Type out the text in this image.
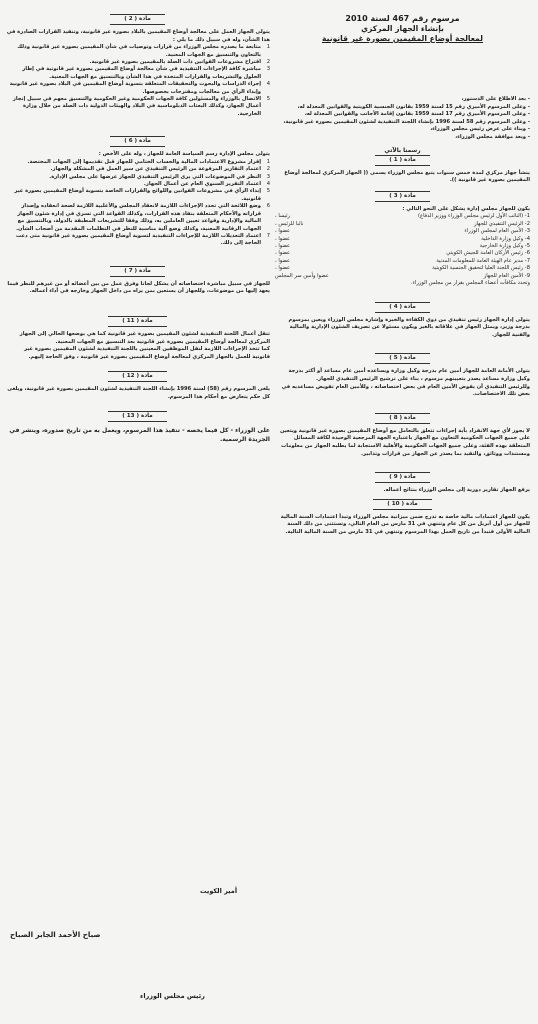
مرسوم رقم 467 لسنة 2010
بإنشاء الجهاز المركزي
لمعالجة أوضاع المقيمين بصورة غير قانونية

- بعد الاطلاع على الدستور،

- وعلى المرسوم الأميري رقم 15 لسنة 1959 بقانون الجنسية الكويتية والقوانين المعدلة له،

- وعلى المرسوم الأميري رقم 17 لسنة 1959 بقانون إقامة الأجانب والقوانين المعدلة له،

- وعلى المرسوم رقم 58 لسنة 1996 بإنشاء اللجنة التنفيذية لشئون المقيمين بصورة غير قانونية،

- وبناء على عرض رئيس مجلس الوزراء،

- وبعد موافقة مجلس الوزراء،

رسمنا بالآتي
مادة ( 1 )

ينشأ جهاز مركزي لمدة خمس سنوات يتبع مجلس الوزراء يسمى (( الجهاز المركزي لمعالجة أوضاع المقيمين بصورة غير قانونية )).

مادة ( 3 )

يكون للجهاز مجلس إدارة يشكل على النحو التالي :

1- (النائب الأول لرئيس مجلس الوزراء ووزير الدفاع)
رئيسا ،
2- الرئيس التنفيذي للجهاز
نائبا للرئيس ،
3- الأمين العام لمجلس الوزراء
عضوا ،
4- وكيل وزارة الداخلية
عضوا ،
5- وكيل وزارة الخارجية
عضوا ،
6- رئيس الأركان العامة للجيش الكويتي
عضوا ،
7- مدير عام الهيئة العامة للمعلومات المدنية
عضوا ،
8- رئيس اللجنة العليا لتحقيق الجنسية الكويتية
عضوا ،
9- الأمين العام للجهاز
عضوا وأمين سر المجلس

وتحدد مكافآت أعضاء المجلس بقرار من مجلس الوزراء.

مادة ( 4 )

يتولى إدارة الجهاز رئيس تنفيذي من ذوي الكفاءة والخبرة وإشارة مجلس الوزراء ويعين بمرسوم بدرجة وزير، ويمثل الجهاز في علاقاته بالغير ويكون مسئولا عن تصريف الشئون الإدارية والمالية والفنية للجهاز.

مادة ( 5 )

يتولى الأمانة العامة للجهاز أمين عام بدرجة وكيل وزارة ويساعده أمين عام مساعد أو أكثر بدرجة وكيل وزارة مساعد يصدر بتعيينهم مرسوم ، بناء على ترشيح الرئيس التنفيذي للجهاز.

وللرئيس التنفيذي أن يفوض الأمين العام في بعض اختصاصاته ، وللأمين العام تفويض مساعديه في بعض تلك الاختصاصات.

مادة ( 8 )

لا يجوز لأي جهة الانفراد بأية إجراءات تتعلق بالتعامل مع أوضاع المقيمين بصورة غير قانونية ويتعين على جميع الجهات الحكومية التعاون مع الجهاز باعتباره الجهة المرجعية الوحيدة لكافة المسائل المتعلقة بهذه الفئة، وعلى جميع الجهات الحكومية والأهلية الاستجابة لما يطلبه الجهاز من معلومات ومستندات ووثائق، والتقيد بما يصدر عن الجهاز من قرارات وتدابير.

مادة ( 9 )

يرفع الجهاز تقارير دورية إلى مجلس الوزراء بنتائج أعماله.

مادة ( 10 )

يكون للجهاز اعتمادات مالية خاصة به تدرج ضمن ميزانية مجلس الوزراء وتبدأ اعتمادات السنة المالية للجهاز من أول أبريل من كل عام وتنتهي في 31 مارس من العام التالي، وتستثنى من ذلك السنة المالية الأولى فتبدأ من تاريخ العمل بهذا المرسوم وتنتهي في 31 مارس من السنة المالية التالية.

مادة ( 2 )

يتولى الجهاز العمل على معالجة أوضاع المقيمين بالبلاد بصورة غير قانونية، وتنفيذ القرارات الصادرة في هذا الشأن، وله في سبيل ذلك ما يلي :

1
متابعة ما يصدره مجلس الوزراء من قرارات وتوصيات في شأن المقيمين بصورة غير قانونية وذلك بالتعاون والتنسيق مع الجهات المعنية.
2
اقتراح مشروعات القوانين ذات الصلة بالمقيمين بصورة غير قانونية.
3
مباشرة كافة الإجراءات التنفيذية في شأن معالجة أوضاع المقيمين بصورة غير قانونية في إطار الحلول والتشريعات والقرارات المتخذة في هذا الشأن وبالتنسيق مع الجهات المعنية.
4
إجراء الدراسات والبحوث والتحقيقات المتعلقة بتسوية أوضاع المقيمين في البلاد بصورة غير قانونية وإبداء الرأي من معالجات ومقترحات بخصوصها.
5
الاتصال بالوزراء والمسئولين كافة الجهات الحكومية وغير الحكومية والتنسيق معهم في سبيل إنجاز أعمال الجهاز، وكذلك البعثات الدبلوماسية في البلاد والهيئات الدولية ذات الصلة من خلال وزارة الخارجية.
مادة ( 6 )

يتولى مجلس الإدارة رسم السياسة العامة للجهاز ، وله على الأخص :

1
إقرار مشروع الاعتمادات المالية والحساب الختامي للجهاز قبل تقديمها إلى الجهات المختصة.
2
اعتماد التقارير المرفوعة من الرئيس التنفيذي عن سير العمل في المشكلة والجهاز.
3
النظر في الموضوعات التي يرى الرئيس التنفيذي للجهاز عرضها على مجلس الإدارة.
4
اعتماد التقرير السنوي العام عن أعمال الجهاز.
5
إبداء الرأي في مشروعات القوانين واللوائح والقرارات الخاصة بتسوية أوضاع المقيمين بصورة غير قانونية.
6
وضع اللائحة التي تحدد الإجراءات اللازمة لانعقاد المجلس والأغلبية اللازمة لصحة انعقاده وإصدار قراراته والأحكام المتعلقة بنفاذ هذه القرارات، وكذلك القواعد التي تسري في إدارة شئون الجهاز المالية والإدارية وقواعد تعيين العاملين به، وذلك وفقا للتشريعات المطبقة بالدولة، وبالتنسيق مع الجهات الرقابية المعنية، وكذلك وضع آلية مناسبة للنظر في التظلمات المقدمة من أصحاب الشأن.
7
اعتماد التعديلات اللازمة للإجراءات التنفيذية لتسوية أوضاع المقيمين بصورة غير قانونية متى دعت الحاجة إلى ذلك.
مادة ( 7 )

للجهاز في سبيل مباشرة اختصاصاته أن يشكل لجانا وفرق عمل من بين أعضائه أو من غيرهم للنظر فيما يعهد إليها من موضوعات، وللجهاز أن يستعين بمن يراه من داخل الجهاز وخارجه في أداء أعماله.

مادة ( 11 )

تنقل أعمال اللجنة التنفيذية لشئون المقيمين بصورة غير قانونية كما هي بوضعها الحالي إلى الجهاز المركزي لمعالجة أوضاع المقيمين بصورة غير قانونية بعد التنسيق مع الجهات المعنية.

كما تتخذ الإجراءات اللازمة لنقل الموظفين المعينين باللجنة التنفيذية لشئون المقيمين بصورة غير قانونية للعمل بالجهاز المركزي لمعالجة أوضاع المقيمين بصورة غير قانونية ، وفق الحاجة إليهم.

مادة ( 12 )

يلغى المرسوم رقم (58) لسنة 1996 بإنشاء اللجنة التنفيذية لشئون المقيمين بصورة غير قانونية، ويلغى كل حكم يتعارض مع أحكام هذا المرسوم.

مادة ( 13 )

على الوزراء - كل فيما يخصه - تنفيذ هذا المرسوم، ويعمل به من تاريخ صدوره، وينشر في الجريدة الرسمية.

أمير الكويت
صباح الأحمد الجابر الصباح
رئيس مجلس الوزراء
